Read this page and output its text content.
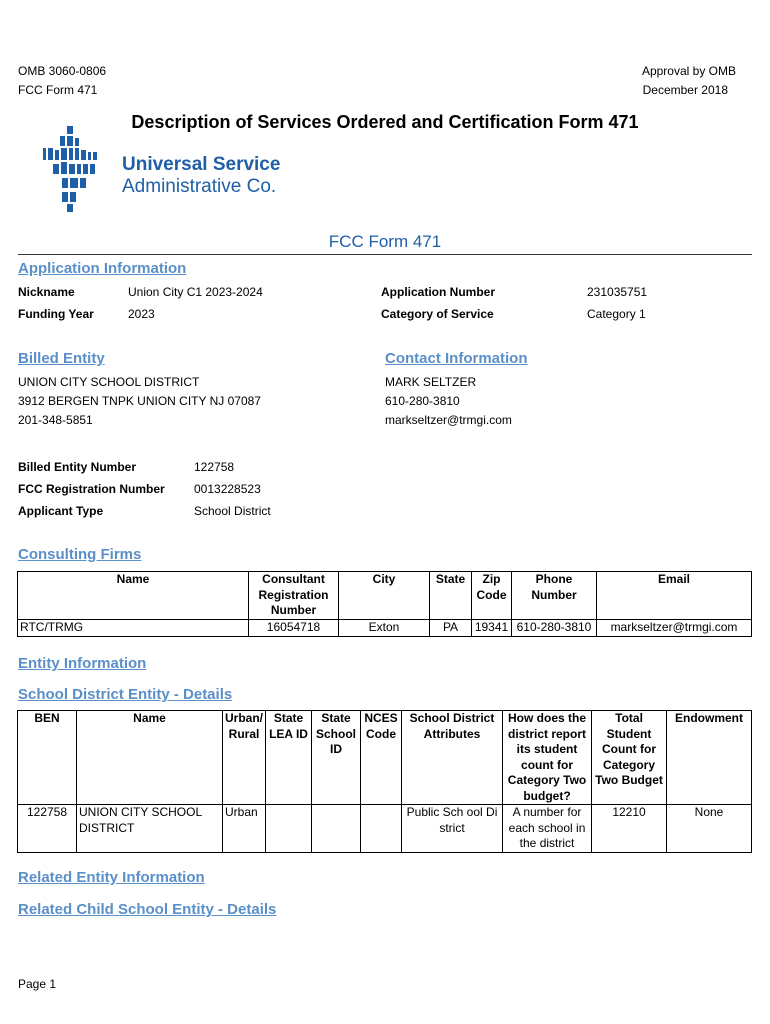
OMB 3060-0806
FCC Form 471
Approval by OMB
December 2018
Description of Services Ordered and Certification Form 471
Universal Service
Administrative Co.
FCC Form 471
Application Information
Nickname	Union City C1 2023-2024
Funding Year	2023
Application Number	231035751
Category of Service	Category 1
Billed Entity
UNION CITY SCHOOL DISTRICT
3912 BERGEN TNPK UNION CITY NJ 07087
201-348-5851
Contact Information
MARK SELTZER
610-280-3810
markseltzer@trmgi.com
Billed Entity Number	122758
FCC Registration Number 0013228523
Applicant Type	School District
Consulting Firms
Name	Consultant Registration Number	City	State	Zip Code	Phone Number	Email
RTC/TRMG	16054718	Exton	PA	19341	610-280-3810	markseltzer@trmgi.com
Entity Information
School District Entity - Details
BEN	Name	Urban/ Rural	State LEA ID	State School ID	NCES Code	School District Attributes	How does the district report its student count for Category Two budget?	Total Student Count for Category Two Budget	Endowment
122758	UNION CITY SCHOOL DISTRICT	Urban				Public Sch ool District	A number for each school in the district	12210	None
Related Entity Information
Related Child School Entity - Details
Page 1
